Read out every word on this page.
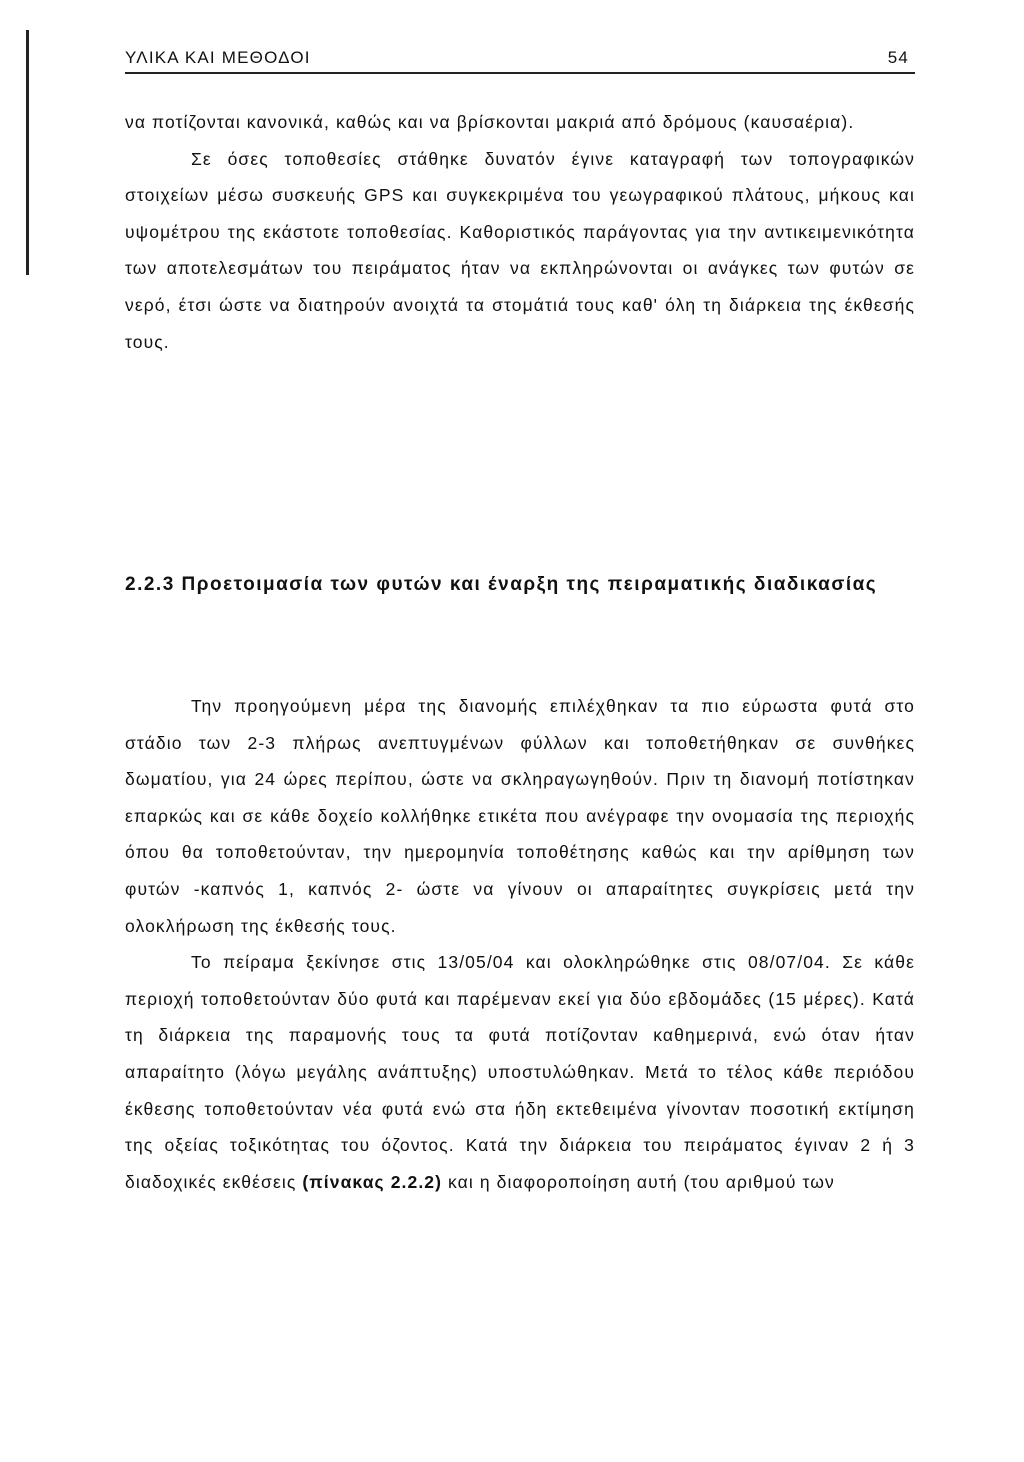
ΥΛΙΚΑ ΚΑΙ ΜΕΘΟΔΟΙ	54

να ποτίζονται κανονικά, καθώς και να βρίσκονται μακριά από δρόμους (καυσαέρια).

Σε όσες τοποθεσίες στάθηκε δυνατόν έγινε καταγραφή των τοπογραφικών στοιχείων μέσω συσκευής GPS και συγκεκριμένα του γεωγραφικού πλάτους, μήκους και υψομέτρου της εκάστοτε τοποθεσίας. Καθοριστικός παράγοντας για την αντικειμενικότητα των αποτελεσμάτων του πειράματος ήταν να εκπληρώνονται οι ανάγκες των φυτών σε νερό, έτσι ώστε να διατηρούν ανοιχτά τα στομάτιά τους καθ' όλη τη διάρκεια της έκθεσής τους.

2.2.3 Προετοιμασία των φυτών και έναρξη της πειραματικής διαδικασίας

Την προηγούμενη μέρα της διανομής επιλέχθηκαν τα πιο εύρωστα φυτά στο στάδιο των 2-3 πλήρως ανεπτυγμένων φύλλων και τοποθετήθηκαν σε συνθήκες δωματίου, για 24 ώρες περίπου, ώστε να σκληραγωγηθούν. Πριν τη διανομή ποτίστηκαν επαρκώς και σε κάθε δοχείο κολλήθηκε ετικέτα που ανέγραφε την ονομασία της περιοχής όπου θα τοποθετούνταν, την ημερομηνία τοποθέτησης καθώς και την αρίθμηση των φυτών -καπνός 1, καπνός 2- ώστε να γίνουν οι απαραίτητες συγκρίσεις μετά την ολοκλήρωση της έκθεσής τους.

Το πείραμα ξεκίνησε στις 13/05/04 και ολοκληρώθηκε στις 08/07/04. Σε κάθε περιοχή τοποθετούνταν δύο φυτά και παρέμεναν εκεί για δύο εβδομάδες (15 μέρες). Κατά τη διάρκεια της παραμονής τους τα φυτά ποτίζονταν καθημερινά, ενώ όταν ήταν απαραίτητο (λόγω μεγάλης ανάπτυξης) υποστυλώθηκαν. Μετά το τέλος κάθε περιόδου έκθεσης τοποθετούνταν νέα φυτά ενώ στα ήδη εκτεθειμένα γίνονταν ποσοτική εκτίμηση της οξείας τοξικότητας του όζοντος. Κατά την διάρκεια του πειράματος έγιναν 2 ή 3 διαδοχικές εκθέσεις (πίνακας 2.2.2) και η διαφοροποίηση αυτή (του αριθμού των
